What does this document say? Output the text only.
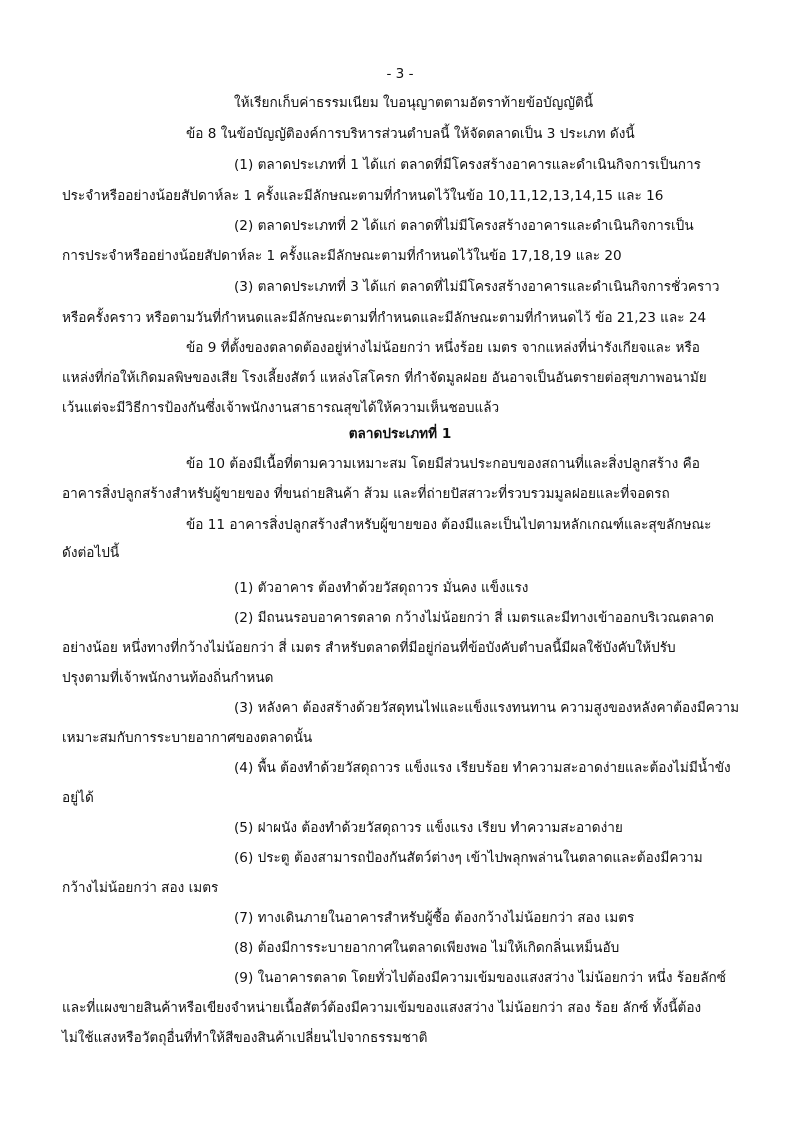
- 3 -
ให้เรียกเก็บค่าธรรมเนียม ใบอนุญาตตามอัตราท้ายข้อบัญญัตินี้
ข้อ 8 ในข้อบัญญัติองค์การบริหารส่วนตำบลนี้ ให้จัดตลาดเป็น 3 ประเภท ดังนี้
(1) ตลาดประเภทที่ 1 ได้แก่ ตลาดที่มีโครงสร้างอาคารและดำเนินกิจการเป็นการ
ประจำหรืออย่างน้อยสัปดาห์ละ 1 ครั้งและมีลักษณะตามที่กำหนดไว้ในข้อ 10,11,12,13,14,15 และ 16
(2) ตลาดประเภทที่ 2 ได้แก่ ตลาดที่ไม่มีโครงสร้างอาคารและดำเนินกิจการเป็น
การประจำหรืออย่างน้อยสัปดาห์ละ 1 ครั้งและมีลักษณะตามที่กำหนดไว้ในข้อ 17,18,19 และ 20
(3) ตลาดประเภทที่ 3 ได้แก่ ตลาดที่ไม่มีโครงสร้างอาคารและดำเนินกิจการชั่วคราว
หรือครั้งคราว หรือตามวันที่กำหนดและมีลักษณะตามที่กำหนดและมีลักษณะตามที่กำหนดไว้ ข้อ 21,23 และ 24
ข้อ 9 ที่ตั้งของตลาดต้องอยู่ห่างไม่น้อยกว่า หนึ่งร้อย เมตร จากแหล่งที่น่ารังเกียจและ หรือ
แหล่งที่ก่อให้เกิดมลพิษของเสีย โรงเลี้ยงสัตว์ แหล่งโสโครก ที่กำจัดมูลฝอย อันอาจเป็นอันตรายต่อสุขภาพอนามัย
เว้นแต่จะมีวิธีการป้องกันซึ่งเจ้าพนักงานสาธารณสุขได้ให้ความเห็นชอบแล้ว
ตลาดประเภทที่ 1
ข้อ 10 ต้องมีเนื้อที่ตามความเหมาะสม โดยมีส่วนประกอบของสถานที่และสิ่งปลูกสร้าง คือ
อาคารสิ่งปลูกสร้างสำหรับผู้ขายของ ที่ขนถ่ายสินค้า ส้วม และที่ถ่ายปัสสาวะที่รวบรวมมูลฝอยและที่จอดรถ
ข้อ 11 อาคารสิ่งปลูกสร้างสำหรับผู้ขายของ ต้องมีและเป็นไปตามหลักเกณฑ์และสุขลักษณะ
ดังต่อไปนี้
(1) ตัวอาคาร ต้องทำด้วยวัสดุถาวร มั่นคง แข็งแรง
(2) มีถนนรอบอาคารตลาด กว้างไม่น้อยกว่า สี่ เมตรและมีทางเข้าออกบริเวณตลาด
อย่างน้อย หนึ่งทางที่กว้างไม่น้อยกว่า สี่ เมตร สำหรับตลาดที่มีอยู่ก่อนที่ข้อบังคับตำบลนี้มีผลใช้บังคับให้ปรับ
ปรุงตามที่เจ้าพนักงานท้องถิ่นกำหนด
(3) หลังคา ต้องสร้างด้วยวัสดุทนไฟและแข็งแรงทนทาน ความสูงของหลังคาต้องมีความ
เหมาะสมกับการระบายอากาศของตลาดนั้น
(4) พื้น ต้องทำด้วยวัสดุถาวร แข็งแรง เรียบร้อย ทำความสะอาดง่ายและต้องไม่มีน้ำขัง
อยู่ได้
(5) ฝาผนัง ต้องทำด้วยวัสดุถาวร แข็งแรง เรียบ ทำความสะอาดง่าย
(6) ประตู ต้องสามารถป้องกันสัตว์ต่างๆ เข้าไปพลุกพล่านในตลาดและต้องมีความ
กว้างไม่น้อยกว่า สอง เมตร
(7) ทางเดินภายในอาคารสำหรับผู้ซื้อ ต้องกว้างไม่น้อยกว่า สอง เมตร
(8) ต้องมีการระบายอากาศในตลาดเพียงพอ ไม่ให้เกิดกลิ่นเหม็นอับ
(9) ในอาคารตลาด โดยทั่วไปต้องมีความเข้มของแสงสว่าง ไม่น้อยกว่า หนึ่ง ร้อยลักซ์
และที่แผงขายสินค้าหรือเขียงจำหน่ายเนื้อสัตว์ต้องมีความเข้มของแสงสว่าง ไม่น้อยกว่า สอง ร้อย ลักซ์ ทั้งนี้ต้อง
ไม่ใช้แสงหรือวัตถุอื่นที่ทำให้สีของสินค้าเปลี่ยนไปจากธรรมชาติ
